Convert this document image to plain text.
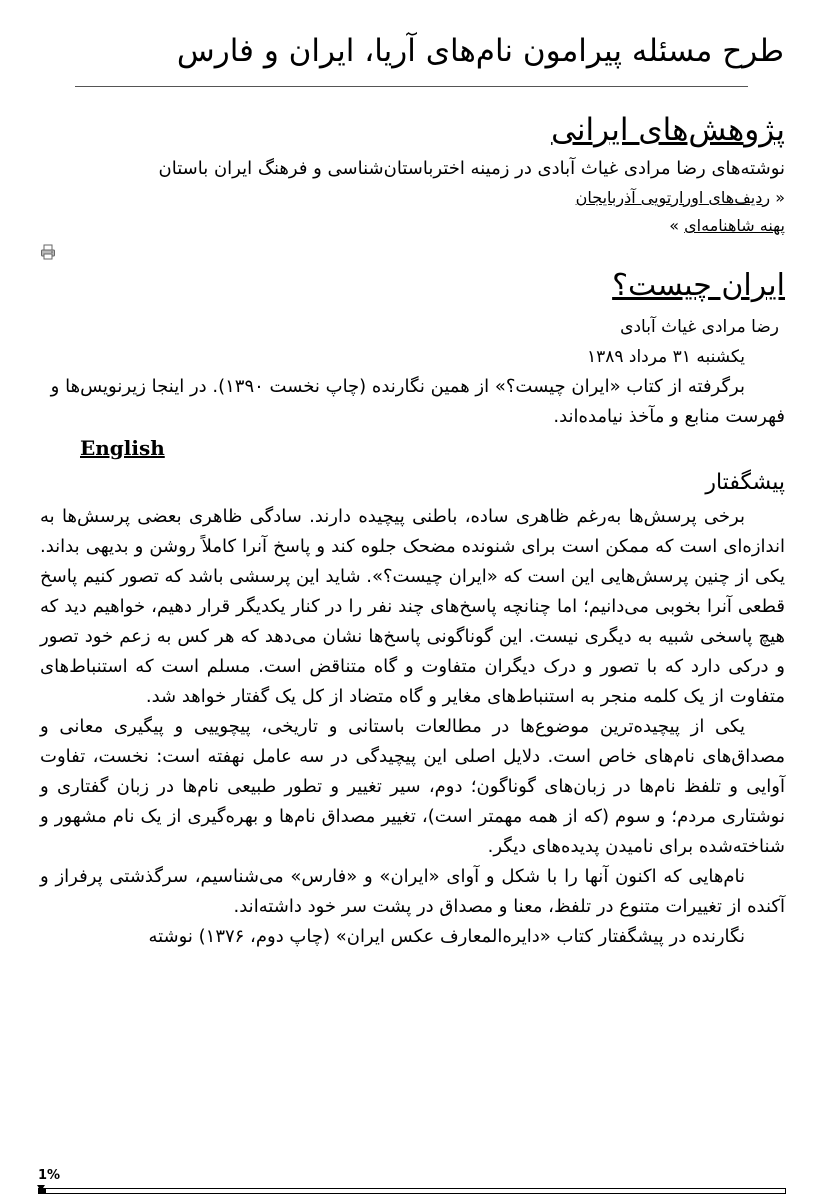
طرح مسئله پیرامون نام‌های آریا، ایران و فارس
پژوهش‌های ایرانی

نوشته‌های رضا مرادی غیاث آبادی در زمینه اخترباستان‌شناسی و فرهنگ ایران باستان

« ردیف‌های اورارتویی آذربایجان
پهنه شاهنامه‌ای »
ایران چیست؟

رضا مرادی غیاث آبادی

یکشنبه ۳۱ مرداد ۱۳۸۹

برگرفته از کتاب «ایران چیست؟» از همین نگارنده (چاپ نخست ۱۳۹۰). در اینجا زیرنویس‌ها و فهرست منابع و مآخذ نیامده‌اند.

English
پیشگفتار

برخی پرسش‌ها به‌رغم ظاهری ساده، باطنی پیچیده دارند. سادگی ظاهری بعضی پرسش‌ها به اندازه‌ای است که ممکن است برای شنونده مضحک جلوه کند و پاسخ آنرا کاملاً روشن و بدیهی بداند. یکی از چنین پرسش‌هایی این است که «ایران چیست؟». شاید این پرسشی باشد که تصور کنیم پاسخ قطعی آنرا بخوبی می‌دانیم؛ اما چنانچه پاسخ‌های چند نفر را در کنار یکدیگر قرار دهیم، خواهیم دید که هیچ پاسخی شبیه به دیگری نیست. این گوناگونی پاسخ‌ها نشان می‌دهد که هر کس به زعم خود تصور و درکی دارد که با تصور و درک دیگران متفاوت و گاه متناقض است. مسلم است که استنباط‌های متفاوت از یک کلمه منجر به استنباط‌های مغایر و گاه متضاد از کل یک گفتار خواهد شد.

یکی از پیچیده‌ترین موضوع‌ها در مطالعات باستانی و تاریخی، پیچوییی و پیگیری معانی و مصداق‌های نام‌های خاص است. دلایل اصلی این پیچیدگی در سه عامل نهفته است: نخست، تفاوت آوایی و تلفظ نام‌ها در زبان‌های گوناگون؛ دوم، سیر تغییر و تطور طبیعی نام‌ها در زبان گفتاری و نوشتاری مردم؛ و سوم (که از همه مهمتر است)، تغییر مصداق نام‌ها و بهره‌گیری از یک نام مشهور و شناخته‌شده برای نامیدن پدیده‌های دیگر.

نام‌هایی که اکنون آنها را با شکل و آوای «ایران» و «فارس» می‌شناسیم، سرگذشتی پرفراز و آکنده از تغییرات متنوع در تلفظ، معنا و مصداق در پشت سر خود داشته‌اند.

نگارنده در پیشگفتار کتاب «دایره‌المعارف عکس ایران» (چاپ دوم، ۱۳۷۶) نوشته

1%
